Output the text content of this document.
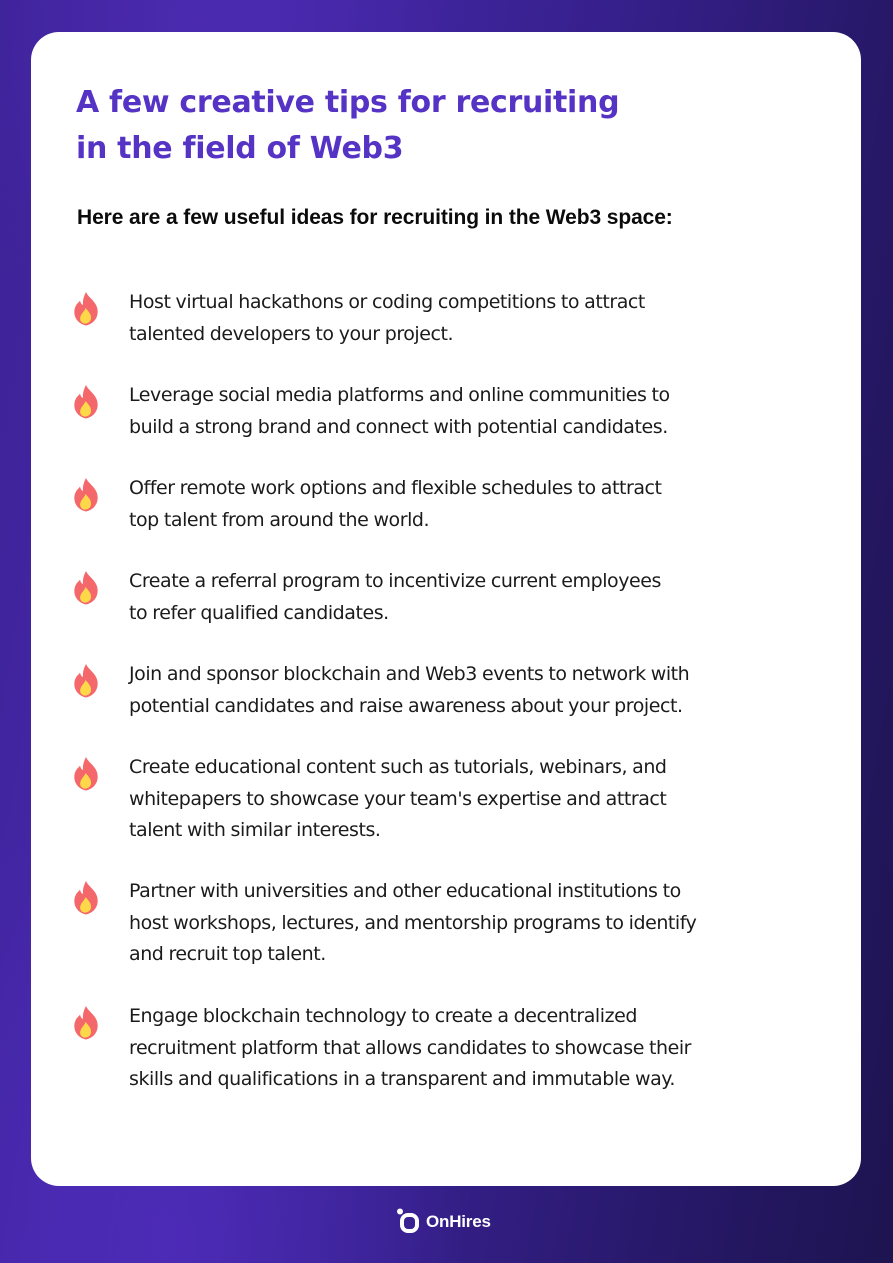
A few creative tips for recruiting
in the field of Web3
Here are a few useful ideas for recruiting in the Web3 space:
Host virtual hackathons or coding competitions to attract
talented developers to your project.
Leverage social media platforms and online communities to
build a strong brand and connect with potential candidates.
Offer remote work options and flexible schedules to attract
top talent from around the world.
Create a referral program to incentivize current employees
to refer qualified candidates.
Join and sponsor blockchain and Web3 events to network with
potential candidates and raise awareness about your project.
Create educational content such as tutorials, webinars, and
whitepapers to showcase your team's expertise and attract
talent with similar interests.
Partner with universities and other educational institutions to
host workshops, lectures, and mentorship programs to identify
and recruit top talent.
Engage blockchain technology to create a decentralized
recruitment platform that allows candidates to showcase their
skills and qualifications in a transparent and immutable way.
OnHires
